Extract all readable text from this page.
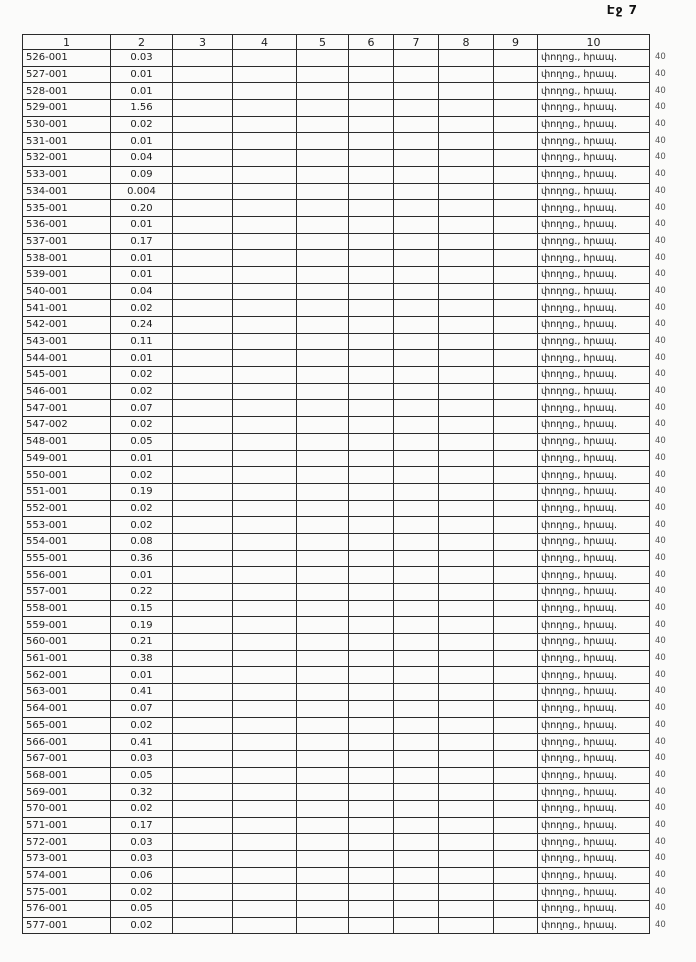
Էջ 7
1	2	3	4	5	6	7	8	9	10	
526-001	0.03								փողոց., հրապ.	40
527-001	0.01								փողոց., հրապ.	40
528-001	0.01								փողոց., հրապ.	40
529-001	1.56								փողոց., հրապ.	40
530-001	0.02								փողոց., հրապ.	40
531-001	0.01								փողոց., հրապ.	40
532-001	0.04								փողոց., հրապ.	40
533-001	0.09								փողոց., հրապ.	40
534-001	0.004								փողոց., հրապ.	40
535-001	0.20								փողոց., հրապ.	40
536-001	0.01								փողոց., հրապ.	40
537-001	0.17								փողոց., հրապ.	40
538-001	0.01								փողոց., հրապ.	40
539-001	0.01								փողոց., հրապ.	40
540-001	0.04								փողոց., հրապ.	40
541-001	0.02								փողոց., հրապ.	40
542-001	0.24								փողոց., հրապ.	40
543-001	0.11								փողոց., հրապ.	40
544-001	0.01								փողոց., հրապ.	40
545-001	0.02								փողոց., հրապ.	40
546-001	0.02								փողոց., հրապ.	40
547-001	0.07								փողոց., հրապ.	40
547-002	0.02								փողոց., հրապ.	40
548-001	0.05								փողոց., հրապ.	40
549-001	0.01								փողոց., հրապ.	40
550-001	0.02								փողոց., հրապ.	40
551-001	0.19								փողոց., հրապ.	40
552-001	0.02								փողոց., հրապ.	40
553-001	0.02								փողոց., հրապ.	40
554-001	0.08								փողոց., հրապ.	40
555-001	0.36								փողոց., հրապ.	40
556-001	0.01								փողոց., հրապ.	40
557-001	0.22								փողոց., հրապ.	40
558-001	0.15								փողոց., հրապ.	40
559-001	0.19								փողոց., հրապ.	40
560-001	0.21								փողոց., հրապ.	40
561-001	0.38								փողոց., հրապ.	40
562-001	0.01								փողոց., հրապ.	40
563-001	0.41								փողոց., հրապ.	40
564-001	0.07								փողոց., հրապ.	40
565-001	0.02								փողոց., հրապ.	40
566-001	0.41								փողոց., հրապ.	40
567-001	0.03								փողոց., հրապ.	40
568-001	0.05								փողոց., հրապ.	40
569-001	0.32								փողոց., հրապ.	40
570-001	0.02								փողոց., հրապ.	40
571-001	0.17								փողոց., հրապ.	40
572-001	0.03								փողոց., հրապ.	40
573-001	0.03								փողոց., հրապ.	40
574-001	0.06								փողոց., հրապ.	40
575-001	0.02								փողոց., հրապ.	40
576-001	0.05								փողոց., հրապ.	40
577-001	0.02								փողոց., հրապ.	40
